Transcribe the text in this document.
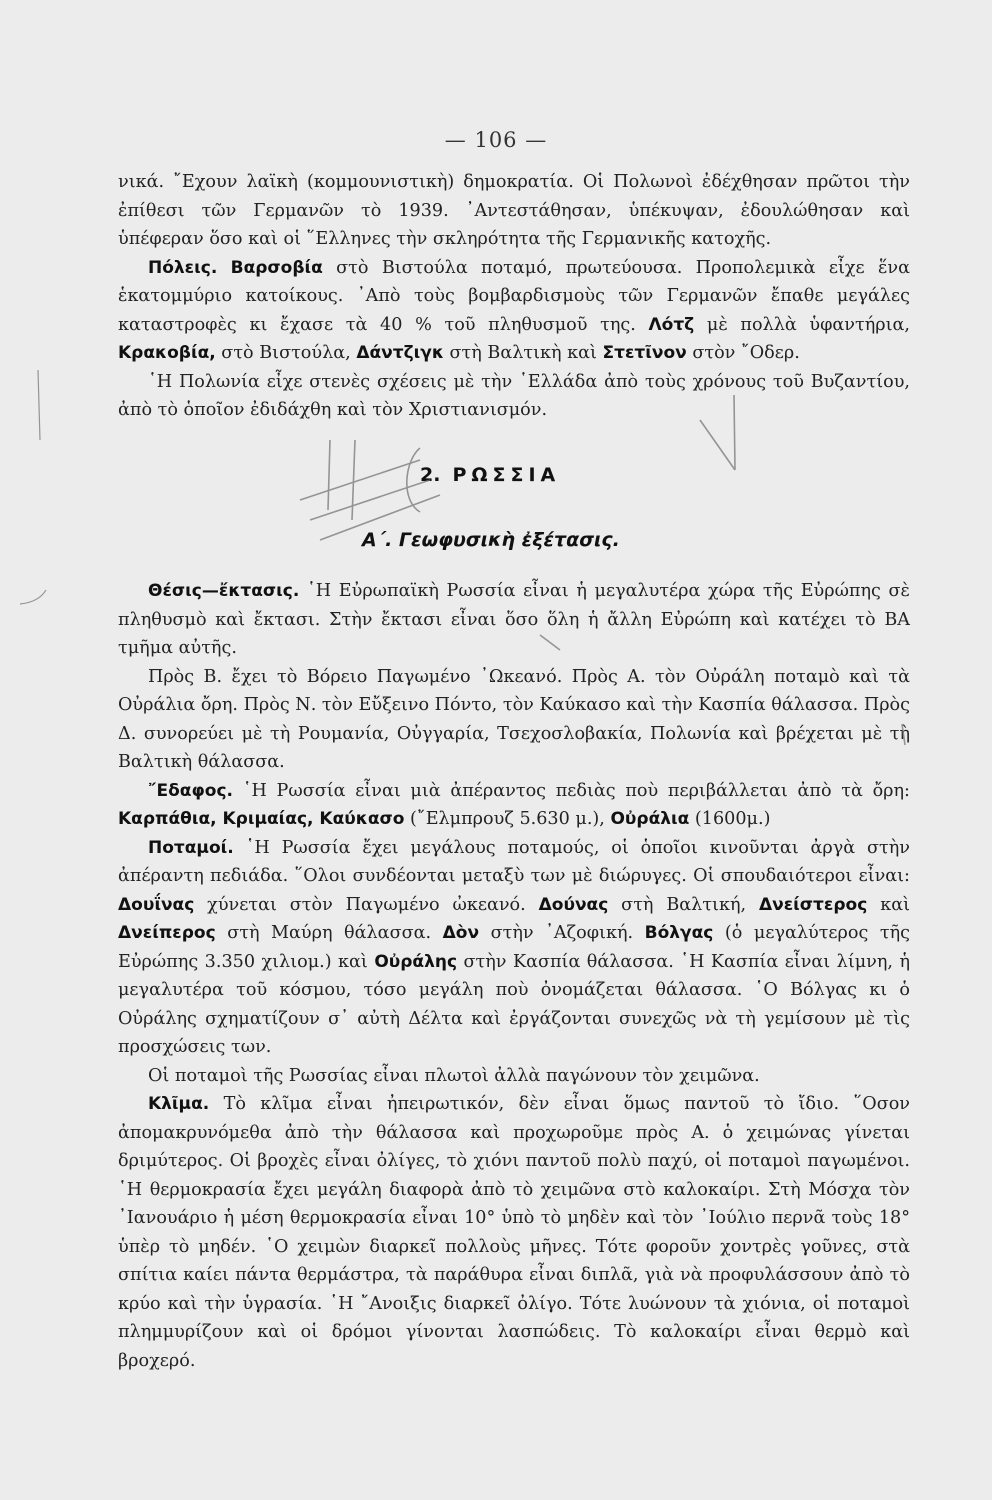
— 106 —

νικά. ῎Εχουν λαϊκὴ (κομμουνιστικὴ) δημοκρατία. Οἱ Πολωνοὶ ἐδέχθησαν πρῶτοι τὴν ἐπίθεσι τῶν Γερμανῶν τὸ 1939. ᾿Αντεστάθησαν, ὑπέκυψαν, ἐδουλώθησαν καὶ ὑπέφεραν ὅσο καὶ οἱ ῞Ελληνες τὴν σκληρότητα τῆς Γερμανικῆς κατοχῆς.

Πόλεις. Βαρσοβία στὸ Βιστούλα ποταμό, πρωτεύουσα. Προπολεμικὰ εἶχε ἕνα ἑκατομμύριο κατοίκους. ᾿Απὸ τοὺς βομβαρδισμοὺς τῶν Γερμανῶν ἔπαθε μεγάλες καταστροφὲς κι ἔχασε τὰ 40 % τοῦ πληθυσμοῦ της. Λότζ μὲ πολλὰ ὑφαντήρια, Κρακοβία, στὸ Βιστούλα, Δάντζιγκ στὴ Βαλτικὴ καὶ Στετῖνον στὸν ῎Οδερ.

῾Η Πολωνία εἶχε στενὲς σχέσεις μὲ τὴν ῾Ελλάδα ἀπὸ τοὺς χρόνους τοῦ Βυζαντίου, ἀπὸ τὸ ὁποῖον ἐδιδάχθη καὶ τὸν Χριστιανισμόν.

2. ΡΩΣΣΙΑ
Α΄. Γεωφυσικὴ ἐξέτασις.

Θέσις—ἔκτασις. ῾Η Εὐρωπαϊκὴ Ρωσσία εἶναι ἡ μεγαλυτέρα χώρα τῆς Εὐρώπης σὲ πληθυσμὸ καὶ ἔκτασι. Στὴν ἔκτασι εἶναι ὅσο ὅλη ἡ ἄλλη Εὐρώπη καὶ κατέχει τὸ ΒΑ τμῆμα αὐτῆς.

Πρὸς Β. ἔχει τὸ Βόρειο Παγωμένο ᾿Ωκεανό. Πρὸς Α. τὸν Οὐράλη ποταμὸ καὶ τὰ Οὐράλια ὄρη. Πρὸς Ν. τὸν Εὔξεινο Πόντο, τὸν Καύκασο καὶ τὴν Κασπία θάλασσα. Πρὸς Δ. συνορεύει μὲ τὴ Ρουμανία, Οὐγγαρία, Τσεχοσλοβακία, Πολωνία καὶ βρέχεται μὲ τὴ Βαλτικὴ θάλασσα.

῎Εδαφος. ῾Η Ρωσσία εἶναι μιὰ ἀπέραντος πεδιὰς ποὺ περιβάλλεται ἀπὸ τὰ ὄρη: Καρπάθια, Κριμαίας, Καύκασο (῎Ελμπρουζ 5.630 μ.), Οὐράλια (1600μ.)

Ποταμοί. ῾Η Ρωσσία ἔχει μεγάλους ποταμούς, οἱ ὁποῖοι κινοῦνται ἀργὰ στὴν ἀπέραντη πεδιάδα. ῞Ολοι συνδέονται μεταξὺ των μὲ διώρυγες. Οἱ σπουδαιότεροι εἶναι: Δουΐνας χύνεται στὸν Παγωμένο ὠκεανό. Δούνας στὴ Βαλτική, Δνείστερος καὶ Δνείπερος στὴ Μαύρη θάλασσα. Δὸν στὴν ᾿Αζοφική. Βόλγας (ὁ μεγαλύτερος τῆς Εὐρώπης 3.350 χιλιομ.) καὶ Οὐράλης στὴν Κασπία θάλασσα. ῾Η Κασπία εἶναι λίμνη, ἡ μεγαλυτέρα τοῦ κόσμου, τόσο μεγάλη ποὺ ὀνομάζεται θάλασσα. ῾Ο Βόλγας κι ὁ Οὐράλης σχηματίζουν σ᾿ αὐτὴ Δέλτα καὶ ἐργάζονται συνεχῶς νὰ τὴ γεμίσουν μὲ τὶς προσχώσεις των.

Οἱ ποταμοὶ τῆς Ρωσσίας εἶναι πλωτοὶ ἀλλὰ παγώνουν τὸν χειμῶνα.

Κλῖμα. Τὸ κλῖμα εἶναι ἠπειρωτικόν, δὲν εἶναι ὅμως παντοῦ τὸ ἴδιο. ῞Οσον ἀπομακρυνόμεθα ἀπὸ τὴν θάλασσα καὶ προχωροῦμε πρὸς Α. ὁ χειμώνας γίνεται δριμύτερος. Οἱ βροχὲς εἶναι ὀλίγες, τὸ χιόνι παντοῦ πολὺ παχύ, οἱ ποταμοὶ παγωμένοι. ῾Η θερμοκρασία ἔχει μεγάλη διαφορὰ ἀπὸ τὸ χειμῶνα στὸ καλοκαίρι. Στὴ Μόσχα τὸν ᾿Ιανουάριο ἡ μέση θερμοκρασία εἶναι 10° ὑπὸ τὸ μηδὲν καὶ τὸν ᾿Ιούλιο περνᾶ τοὺς 18° ὑπὲρ τὸ μηδέν. ῾Ο χειμὼν διαρκεῖ πολλοὺς μῆνες. Τότε φοροῦν χοντρὲς γοῦνες, στὰ σπίτια καίει πάντα θερμάστρα, τὰ παράθυρα εἶναι διπλᾶ, γιὰ νὰ προφυλάσσουν ἀπὸ τὸ κρύο καὶ τὴν ὑγρασία. ῾Η ῎Ανοιξις διαρκεῖ ὀλίγο. Τότε λυώνουν τὰ χιόνια, οἱ ποταμοὶ πλημμυρίζουν καὶ οἱ δρόμοι γίνονται λασπώδεις. Τὸ καλοκαίρι εἶναι θερμὸ καὶ βροχερό.
